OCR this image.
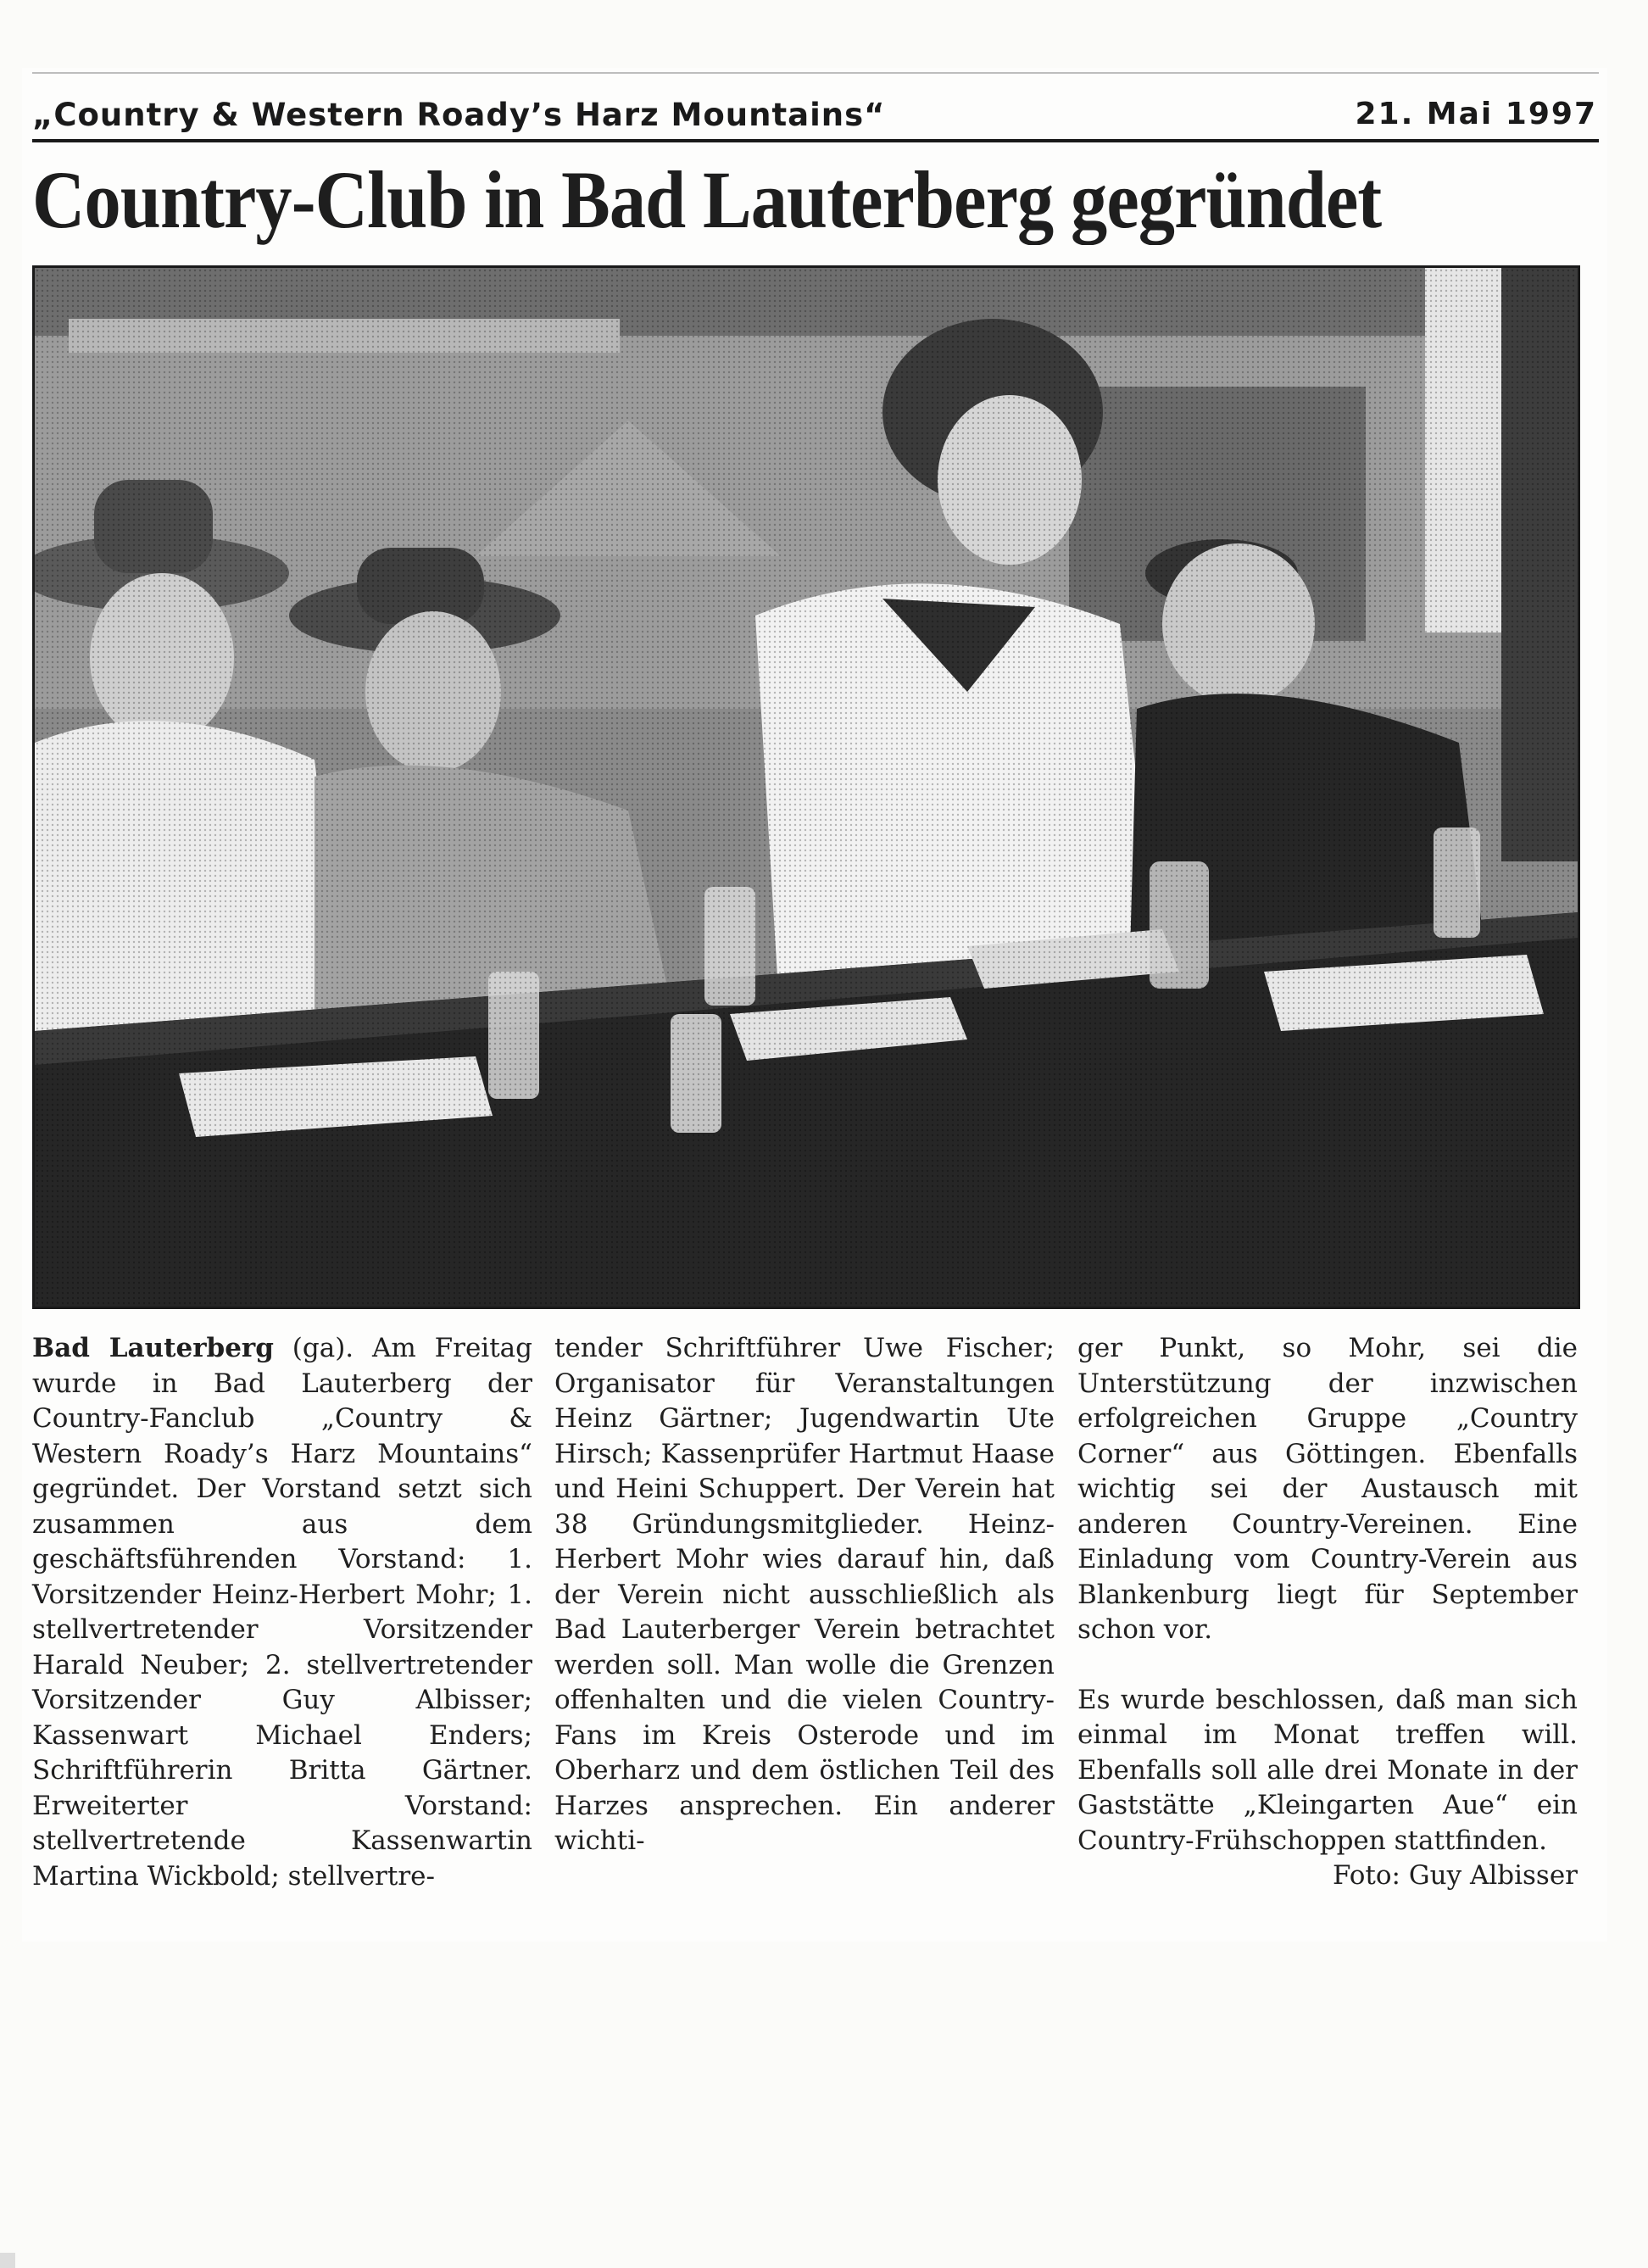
„Country & Western Roady’s Harz Mountains“	21. Mai 1997
Country-Club in Bad Lauterberg gegründet
Bad Lauterberg (ga). Am Freitag wurde in Bad Lauterberg der Country-Fanclub „Country & Western Roady’s Harz Mountains“ gegründet. Der Vorstand setzt sich zusammen aus dem geschäftsführenden Vorstand: 1. Vorsitzender Heinz-Herbert Mohr; 1. stellvertretender Vorsitzender Harald Neuber; 2. stellvertretender Vorsitzender Guy Albisser; Kassenwart Michael Enders; Schriftführerin Britta Gärtner. Erweiterter Vorstand: stellvertretende Kassenwartin Martina Wickbold; stellvertre-
tender Schriftführer Uwe Fischer; Organisator für Veranstaltungen Heinz Gärtner; Jugendwartin Ute Hirsch; Kassenprüfer Hartmut Haase und Heini Schuppert. Der Verein hat 38 Gründungsmitglieder. Heinz-Herbert Mohr wies darauf hin, daß der Verein nicht ausschließlich als Bad Lauterberger Verein betrachtet werden soll. Man wolle die Grenzen offenhalten und die vielen Country-Fans im Kreis Osterode und im Oberharz und dem östlichen Teil des Harzes ansprechen. Ein anderer wichti-
ger Punkt, so Mohr, sei die Unterstützung der inzwischen erfolgreichen Gruppe „Country Corner“ aus Göttingen. Ebenfalls wichtig sei der Austausch mit anderen Country-Vereinen. Eine Einladung vom Country-Verein aus Blankenburg liegt für September schon vor.
Es wurde beschlossen, daß man sich einmal im Monat treffen will. Ebenfalls soll alle drei Monate in der Gaststätte „Kleingarten Aue“ ein Country-Frühschoppen stattfinden.
Foto: Guy Albisser
